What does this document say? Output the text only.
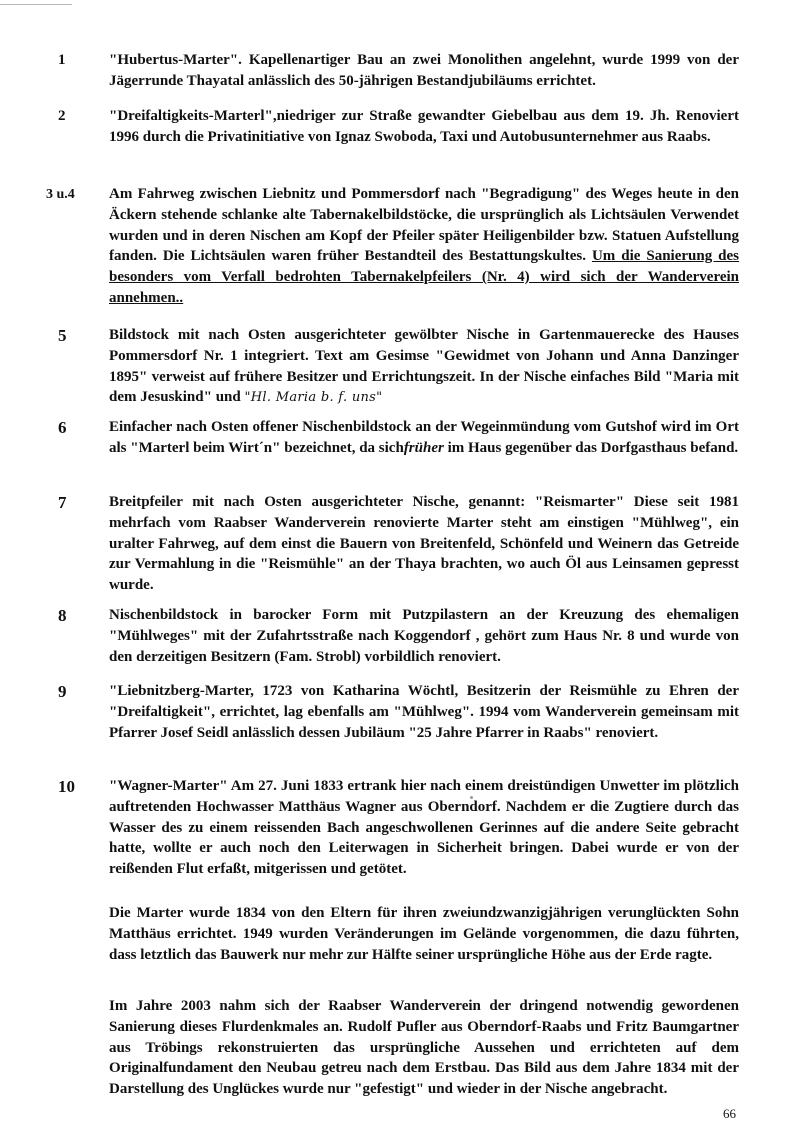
1	"Hubertus-Marter". Kapellenartiger Bau an zwei Monolithen angelehnt, wurde 1999 von der Jägerrunde Thayatal anlässlich des 50-jährigen Bestandjubiläums errichtet.
2	"Dreifaltigkeits-Marterl",niedriger zur Straße gewandter Giebelbau aus dem 19. Jh. Renoviert 1996 durch die Privatinitiative von Ignaz Swoboda, Taxi und Autobusunternehmer aus Raabs.
3 u.4	Am Fahrweg zwischen Liebnitz und Pommersdorf nach "Begradigung" des Weges heute in den Äckern stehende schlanke alte Tabernakelbildstöcke, die ursprünglich als Lichtsäulen Verwendet wurden und in deren Nischen am Kopf der Pfeiler später Heiligenbilder bzw. Statuen Aufstellung fanden. Die Lichtsäulen waren früher Bestandteil des Bestattungskultes. Um die Sanierung des besonders vom Verfall bedrohten Tabernakelpfeilers (Nr. 4) wird sich der Wanderverein annehmen..
5	Bildstock mit nach Osten ausgerichteter gewölbter Nische in Gartenmauerecke des Hauses Pommersdorf Nr. 1 integriert. Text am Gesimse "Gewidmet von Johann und Anna Danzinger 1895" verweist auf frühere Besitzer und Errichtungszeit. In der Nische einfaches Bild "Maria mit dem Jesuskind" und "Hl. Maria b. f. uns"
6	Einfacher nach Osten offener Nischenbildstock an der Wegeinmündung vom Gutshof wird im Ort als "Marterl beim Wirt´n" bezeichnet, da sichfrüher im Haus gegenüber das Dorfgasthaus befand.
7	Breitpfeiler mit nach Osten ausgerichteter Nische, genannt: "Reismarter" Diese seit 1981 mehrfach vom Raabser Wanderverein renovierte Marter steht am einstigen "Mühlweg", ein uralter Fahrweg, auf dem einst die Bauern von Breitenfeld, Schönfeld und Weinern das Getreide zur Vermahlung in die "Reismühle" an der Thaya brachten, wo auch Öl aus Leinsamen gepresst wurde.
8	Nischenbildstock in barocker Form mit Putzpilastern an der Kreuzung des ehemaligen "Mühlweges" mit der Zufahrtsstraße nach Koggendorf , gehört zum Haus Nr. 8 und wurde von den derzeitigen Besitzern (Fam. Strobl) vorbildlich renoviert.
9	"Liebnitzberg-Marter, 1723 von Katharina Wöchtl, Besitzerin der Reismühle zu Ehren der "Dreifaltigkeit", errichtet, lag ebenfalls am "Mühlweg". 1994 vom Wanderverein gemeinsam mit Pfarrer Josef Seidl anlässlich dessen Jubiläum "25 Jahre Pfarrer in Raabs" renoviert.
10	"Wagner-Marter" Am 27. Juni 1833 ertrank hier nach einem dreistündigen Unwetter im plötzlich auftretenden Hochwasser Matthäus Wagner aus Oberndorf. Nachdem er die Zugtiere durch das Wasser des zu einem reissenden Bach angeschwollenen Gerinnes auf die andere Seite gebracht hatte, wollte er auch noch den Leiterwagen in Sicherheit bringen. Dabei wurde er von der reißenden Flut erfaßt, mitgerissen und getötet.
Die Marter wurde 1834 von den Eltern für ihren zweiundzwanzigjährigen verunglückten Sohn Matthäus errichtet. 1949 wurden Veränderungen im Gelände vorgenommen, die dazu führten, dass letztlich das Bauwerk nur mehr zur Hälfte seiner ursprüngliche Höhe aus der Erde ragte.
Im Jahre 2003 nahm sich der Raabser Wanderverein der dringend notwendig gewordenen Sanierung dieses Flurdenkmales an. Rudolf Pufler aus Oberndorf-Raabs und Fritz Baumgartner aus Tröbings rekonstruierten das ursprüngliche Aussehen und errichteten auf dem Originalfundament den Neubau getreu nach dem Erstbau. Das Bild aus dem Jahre 1834 mit der Darstellung des Unglückes wurde nur "gefestigt" und wieder in der Nische angebracht.
66
